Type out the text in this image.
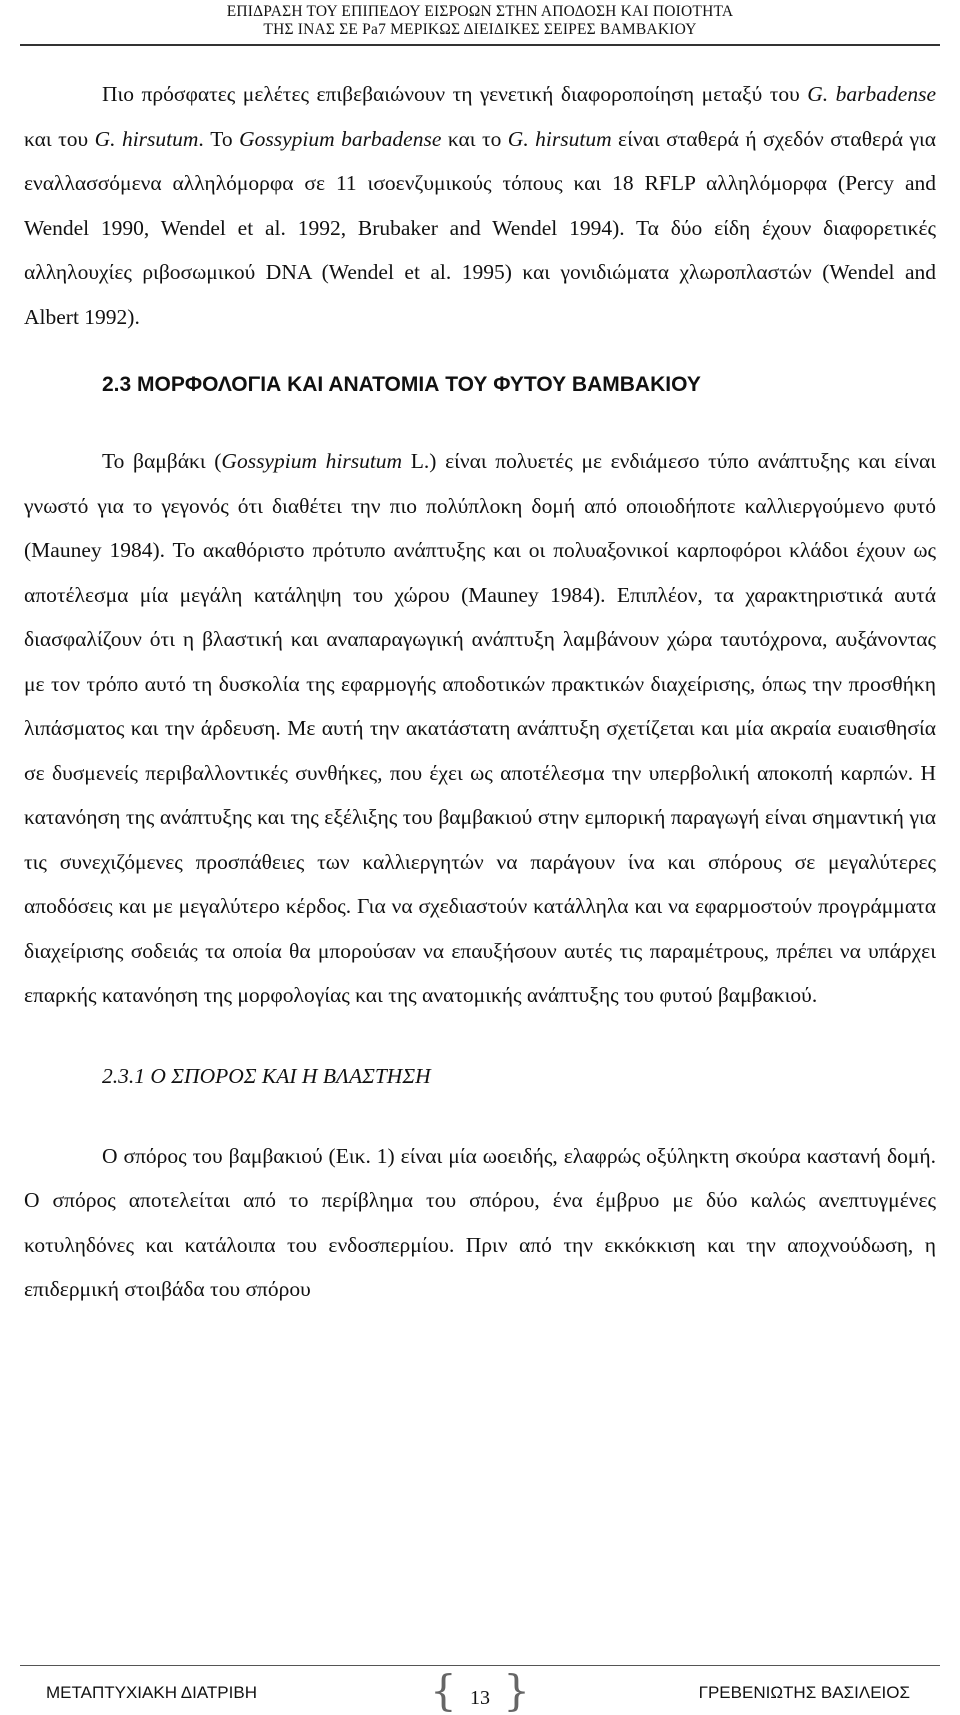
ΕΠΙΔΡΑΣΗ ΤΟΥ ΕΠΙΠΕΔΟΥ ΕΙΣΡΟΩΝ ΣΤΗΝ ΑΠΟΔΟΣΗ ΚΑΙ ΠΟΙΟΤΗΤΑ
ΤΗΣ ΙΝΑΣ ΣΕ Pa7 ΜΕΡΙΚΩΣ ΔΙΕΙΔΙΚΕΣ ΣΕΙΡΕΣ ΒΑΜΒΑΚΙΟΥ

Πιο πρόσφατες μελέτες επιβεβαιώνουν τη γενετική διαφοροποίηση μεταξύ του G. barbadense και του G. hirsutum. Το Gossypium barbadense και το G. hirsutum είναι σταθερά ή σχεδόν σταθερά για εναλλασσόμενα αλληλόμορφα σε 11 ισοενζυμικούς τόπους και 18 RFLP αλληλόμορφα (Percy and Wendel 1990, Wendel et al. 1992, Brubaker and Wendel 1994). Τα δύο είδη έχουν διαφορετικές αλληλουχίες ριβοσωμικού DNA (Wendel et al. 1995) και γονιδιώματα χλωροπλαστών (Wendel and Albert 1992).

2.3 ΜΟΡΦΟΛΟΓΙΑ ΚΑΙ ΑΝΑΤΟΜΙΑ ΤΟΥ ΦΥΤΟΥ ΒΑΜΒΑΚΙΟΥ

Το βαμβάκι (Gossypium hirsutum L.) είναι πολυετές με ενδιάμεσο τύπο ανάπτυξης και είναι γνωστό για το γεγονός ότι διαθέτει την πιο πολύπλοκη δομή από οποιοδήποτε καλλιεργούμενο φυτό (Mauney 1984). Το ακαθόριστο πρότυπο ανάπτυξης και οι πολυαξονικοί καρποφόροι κλάδοι έχουν ως αποτέλεσμα μία μεγάλη κατάληψη του χώρου (Mauney 1984). Επιπλέον, τα χαρακτηριστικά αυτά διασφαλίζουν ότι η βλαστική και αναπαραγωγική ανάπτυξη λαμβάνουν χώρα ταυτόχρονα, αυξάνοντας με τον τρόπο αυτό τη δυσκολία της εφαρμογής αποδοτικών πρακτικών διαχείρισης, όπως την προσθήκη λιπάσματος και την άρδευση. Με αυτή την ακατάστατη ανάπτυξη σχετίζεται και μία ακραία ευαισθησία σε δυσμενείς περιβαλλοντικές συνθήκες, που έχει ως αποτέλεσμα την υπερβολική αποκοπή καρπών. Η κατανόηση της ανάπτυξης και της εξέλιξης του βαμβακιού στην εμπορική παραγωγή είναι σημαντική για τις συνεχιζόμενες προσπάθειες των καλλιεργητών να παράγουν ίνα και σπόρους σε μεγαλύτερες αποδόσεις και με μεγαλύτερο κέρδος. Για να σχεδιαστούν κατάλληλα και να εφαρμοστούν προγράμματα διαχείρισης σοδειάς τα οποία θα μπορούσαν να επαυξήσουν αυτές τις παραμέτρους, πρέπει να υπάρχει επαρκής κατανόηση της μορφολογίας και της ανατομικής ανάπτυξης του φυτού βαμβακιού.

2.3.1 Ο ΣΠΟΡΟΣ ΚΑΙ Η ΒΛΑΣΤΗΣΗ

Ο σπόρος του βαμβακιού (Εικ. 1) είναι μία ωοειδής, ελαφρώς οξύληκτη σκούρα καστανή δομή. Ο σπόρος αποτελείται από το περίβλημα του σπόρου, ένα έμβρυο με δύο καλώς ανεπτυγμένες κοτυληδόνες και κατάλοιπα του ενδοσπερμίου. Πριν από την εκκόκκιση και την αποχνούδωση, η επιδερμική στοιβάδα του σπόρου

ΜΕΤΑΠΤΥΧΙΑΚΗ ΔΙΑΤΡΙΒΗ	{ 13 }	ΓΡΕΒΕΝΙΩΤΗΣ ΒΑΣΙΛΕΙΟΣ
